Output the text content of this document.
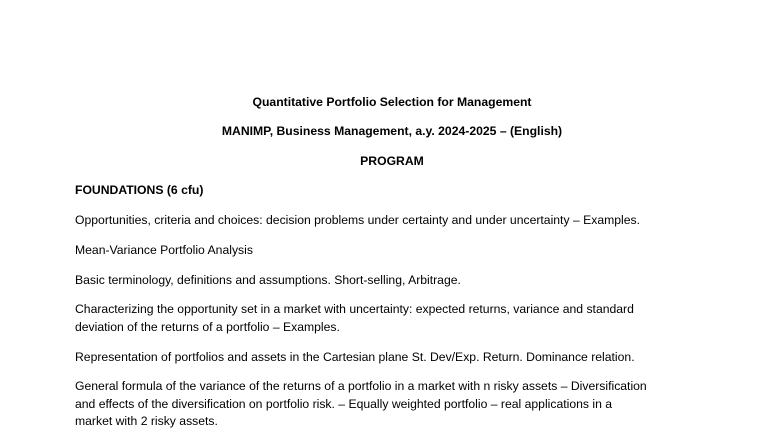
Quantitative Portfolio Selection for Management
MANIMP, Business Management, a.y. 2024-2025 – (English)
PROGRAM
FOUNDATIONS (6 cfu)
Opportunities, criteria and choices: decision problems under certainty and under uncertainty – Examples.
Mean-Variance Portfolio Analysis
Basic terminology, definitions and assumptions. Short-selling, Arbitrage.
Characterizing the opportunity set in a market with uncertainty: expected returns, variance and standard
deviation of the returns of a portfolio – Examples.
Representation of portfolios and assets in the Cartesian plane St. Dev/Exp. Return. Dominance relation.
General formula of the variance of the returns of a portfolio in a market with n risky assets – Diversification
and effects of the diversification on portfolio risk. – Equally weighted portfolio – real applications in a
market with 2 risky assets.
